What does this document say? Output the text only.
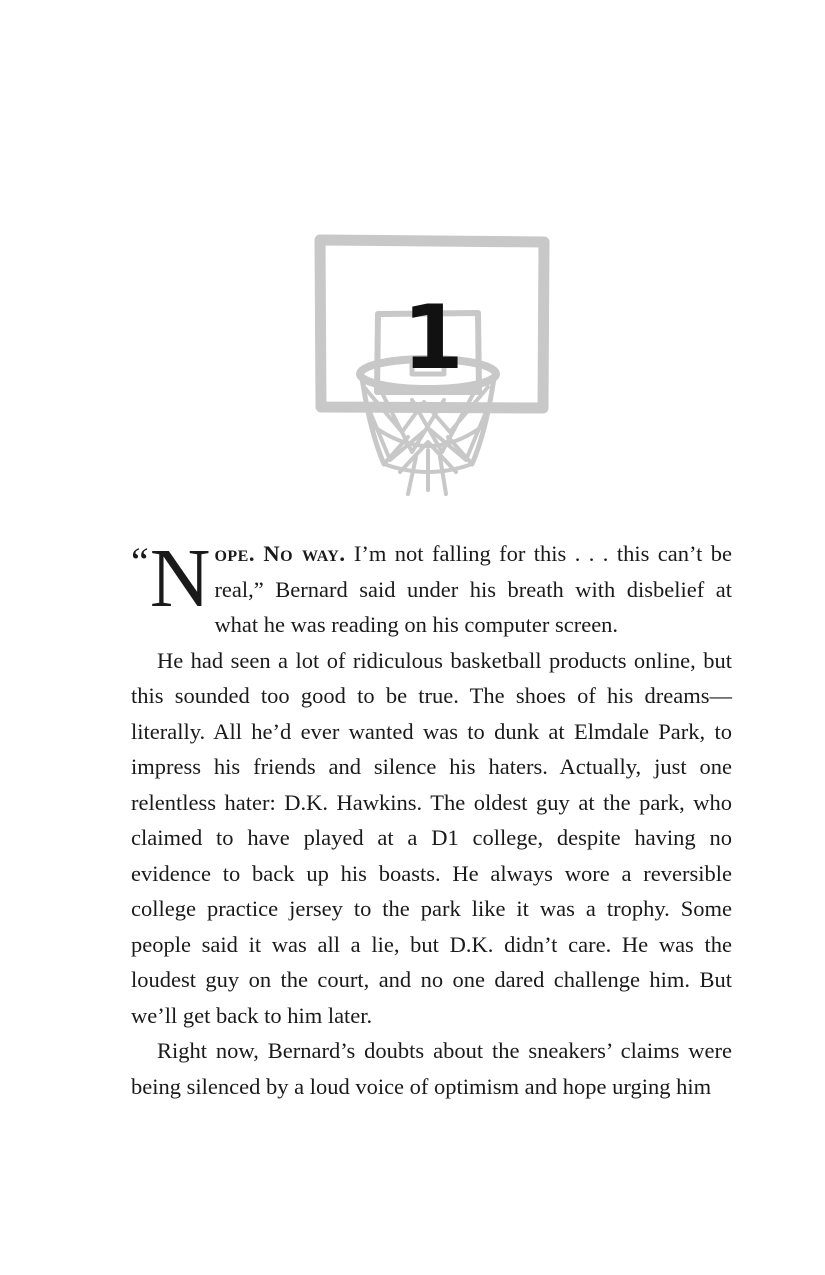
1

“ N ope. No way. I’m not falling for this . . . this can’t be real,” Bernard said under his breath with disbelief at what he was reading on his computer screen.

He had seen a lot of ridiculous basketball products online, but this sounded too good to be true. The shoes of his dreams—literally. All he’d ever wanted was to dunk at Elmdale Park, to impress his friends and silence his haters. Actually, just one relentless hater: D.K. Hawkins. The oldest guy at the park, who claimed to have played at a D1 college, despite having no evidence to back up his boasts. He always wore a reversible college practice jersey to the park like it was a trophy. Some people said it was all a lie, but D.K. didn’t care. He was the loudest guy on the court, and no one dared challenge him. But we’ll get back to him later.

Right now, Bernard’s doubts about the sneakers’ claims were being silenced by a loud voice of optimism and hope urging him
